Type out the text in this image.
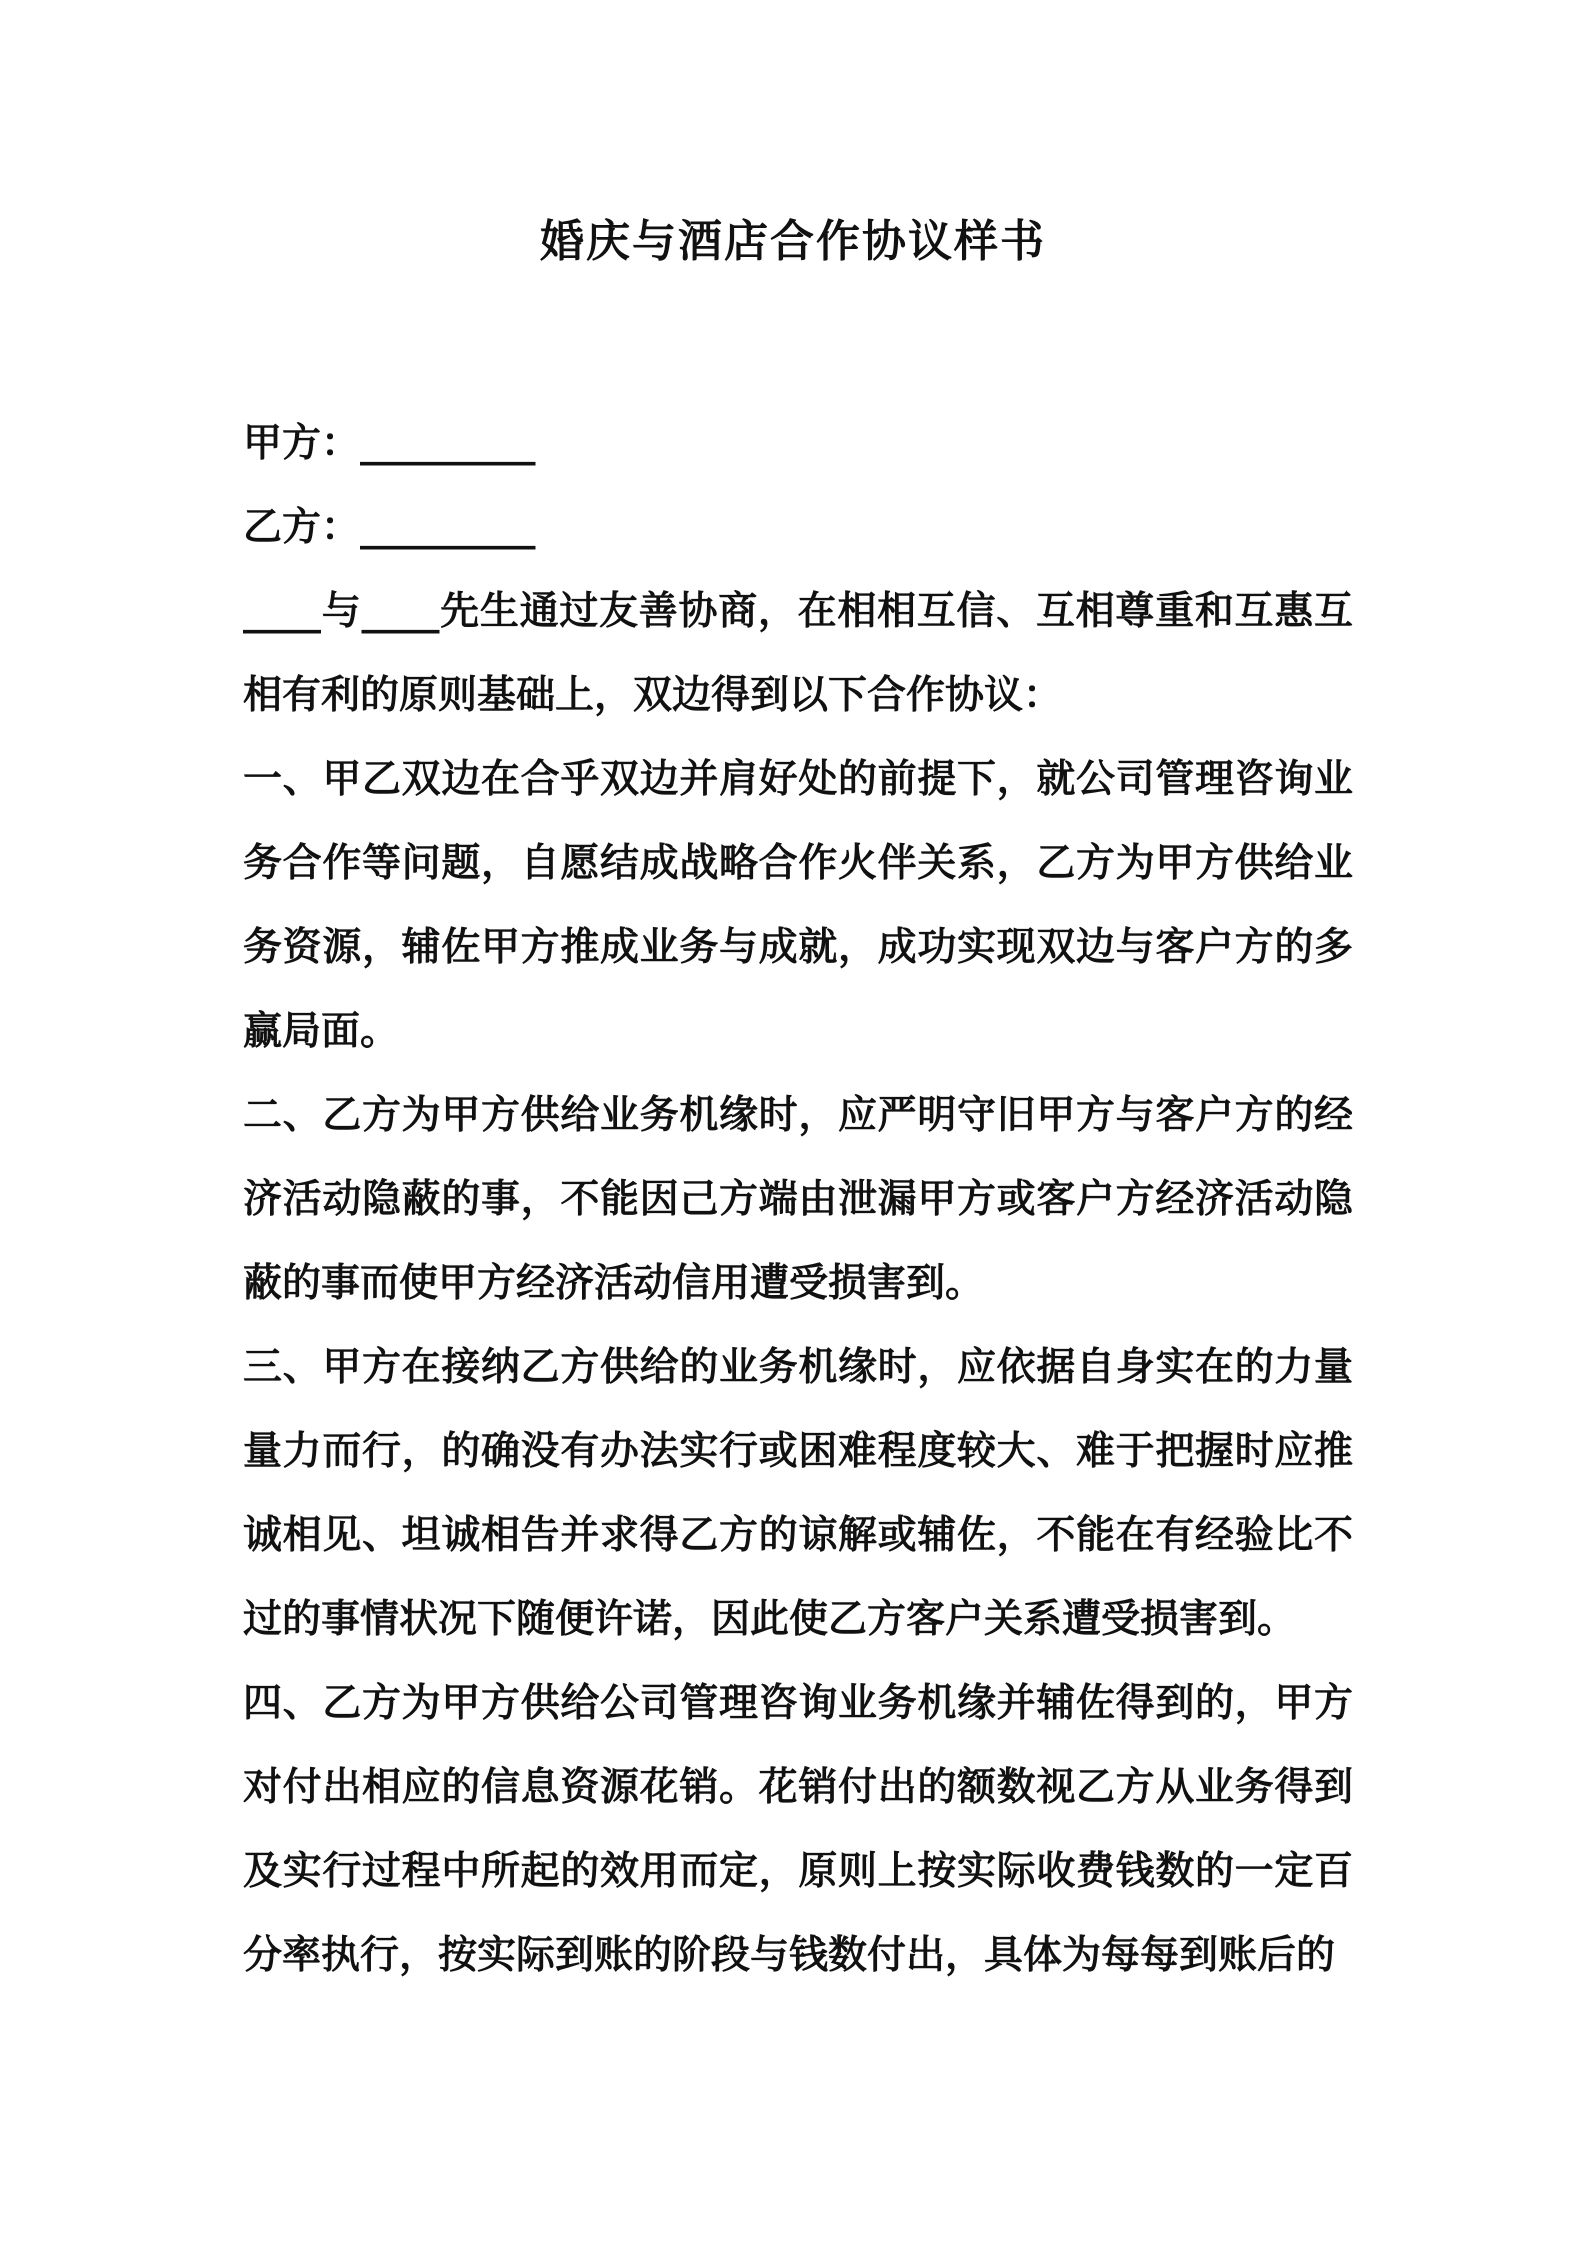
婚庆与酒店合作协议样书

甲方：_________

乙方：_________

____与____先生通过友善协商，在相相互信、互相尊重和互惠互相有利的原则基础上，双边得到以下合作协议：

一、甲乙双边在合乎双边并肩好处的前提下，就公司管理咨询业务合作等问题，自愿结成战略合作火伴关系，乙方为甲方供给业务资源，辅佐甲方推成业务与成就，成功实现双边与客户方的多赢局面。

二、乙方为甲方供给业务机缘时，应严明守旧甲方与客户方的经济活动隐蔽的事，不能因己方端由泄漏甲方或客户方经济活动隐蔽的事而使甲方经济活动信用遭受损害到。

三、甲方在接纳乙方供给的业务机缘时，应依据自身实在的力量量力而行，的确没有办法实行或困难程度较大、难于把握时应推诚相见、坦诚相告并求得乙方的谅解或辅佐，不能在有经验比不过的事情状况下随便许诺，因此使乙方客户关系遭受损害到。

四、乙方为甲方供给公司管理咨询业务机缘并辅佐得到的，甲方对付出相应的信息资源花销。花销付出的额数视乙方从业务得到及实行过程中所起的效用而定，原则上按实际收费钱数的一定百分率执行，按实际到账的阶段与钱数付出，具体为每每到账后的
